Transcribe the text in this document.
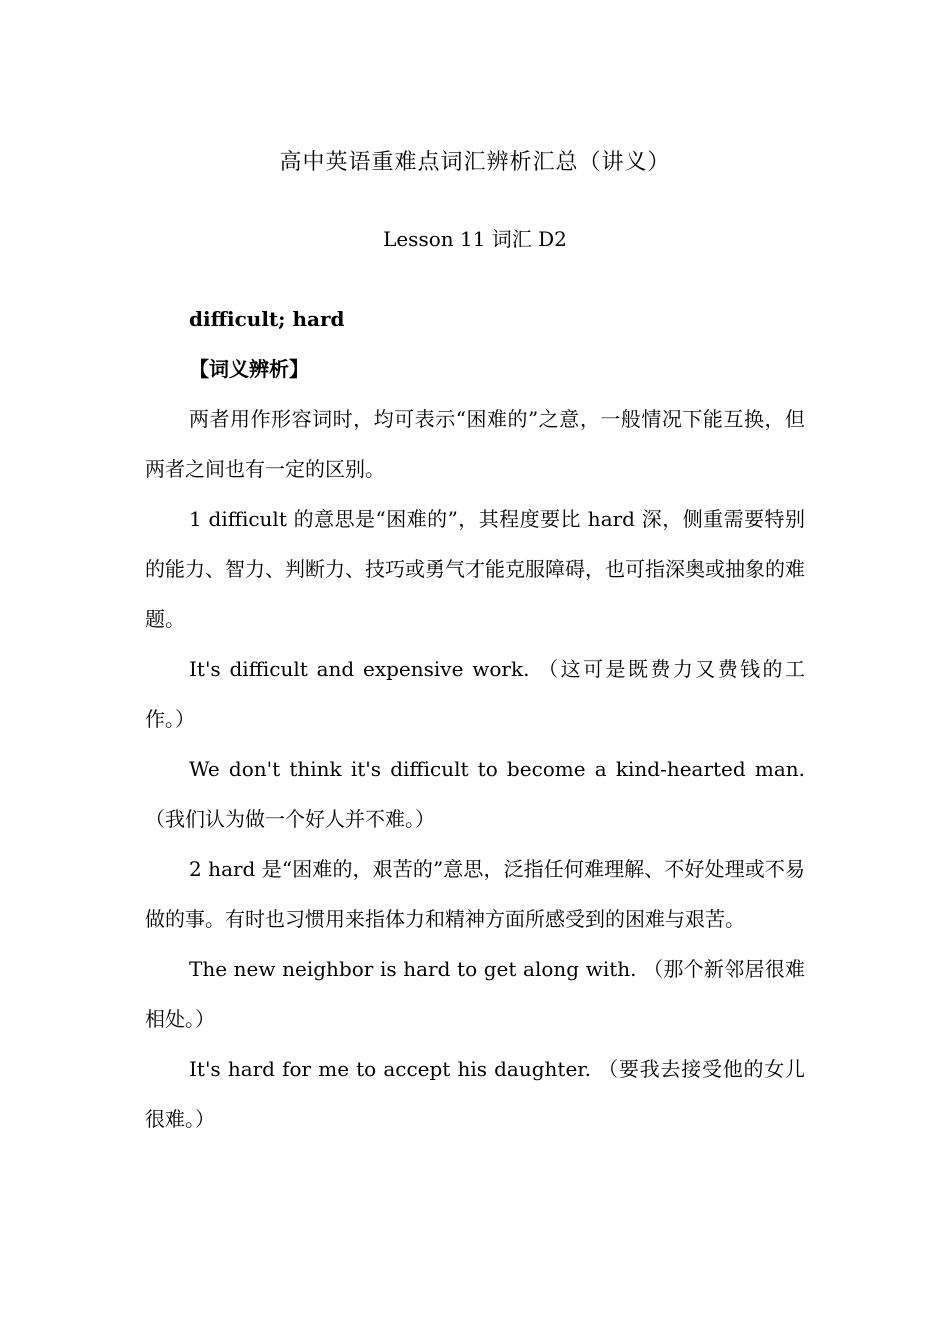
高中英语重难点词汇辨析汇总（讲义）
Lesson 11 词汇 D2

difficult; hard

【词义辨析】

两者用作形容词时，均可表示“困难的”之意，一般情况下能互换，但两者之间也有一定的区别。

1 difficult 的意思是“困难的”，其程度要比 hard 深，侧重需要特别的能力、智力、判断力、技巧或勇气才能克服障碍，也可指深奥或抽象的难题。

It's difficult and expensive work. （这可是既费力又费钱的工作。）

We don't think it's difficult to become a kind-hearted man. （我们认为做一个好人并不难。）

2 hard 是“困难的，艰苦的”意思，泛指任何难理解、不好处理或不易做的事。有时也习惯用来指体力和精神方面所感受到的困难与艰苦。

The new neighbor is hard to get along with. （那个新邻居很难相处。）

It's hard for me to accept his daughter. （要我去接受他的女儿很难。）
